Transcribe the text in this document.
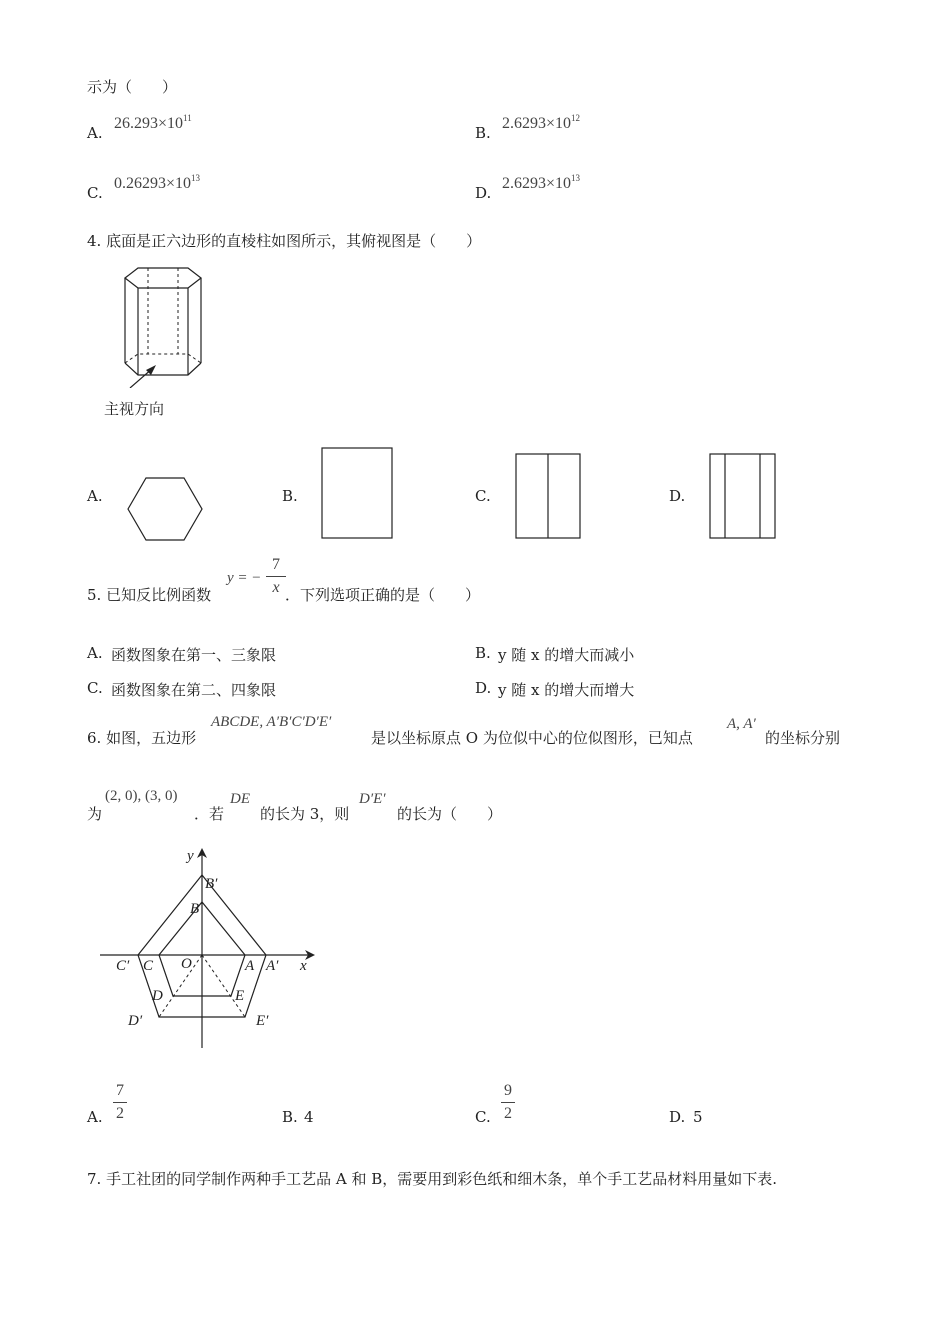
示为（　　）
A.
$26.293\times 10^{11}$
B.
$2.6293\times 10^{12}$
C.
$0.26293\times 10^{13}$
D.
$2.6293\times 10^{13}$
4. 底面是正六边形的直棱柱如图所示，其俯视图是（　　）
主视方向
A.	B.	C.	D.
5. 已知反比例函数
y = − $\frac{7}{x}$ ．下列选项正确的是（　　）
A. 函数图象在第一、三象限	B. y 随 x 的增大而减小
C. 函数图象在第二、四象限	D. y 随 x 的增大而增大
6. 如图，五边形
ABCDE, A′B′C′D′E′
是以坐标原点 O 为位似中心的位似图形，已知点
A, A′
的坐标分别
为
(2, 0), (3, 0)
．若
DE
的长为 3，则
D′E′
的长为（　　）
y
x
O
B′
B
C′ C	A A′
D	E
D′	E′
A. $\frac{7}{2}$	B. 4	C. $\frac{9}{2}$	D. 5
7. 手工社团的同学制作两种手工艺品 A 和 B，需要用到彩色纸和细木条，单个手工艺品材料用量如下表.
